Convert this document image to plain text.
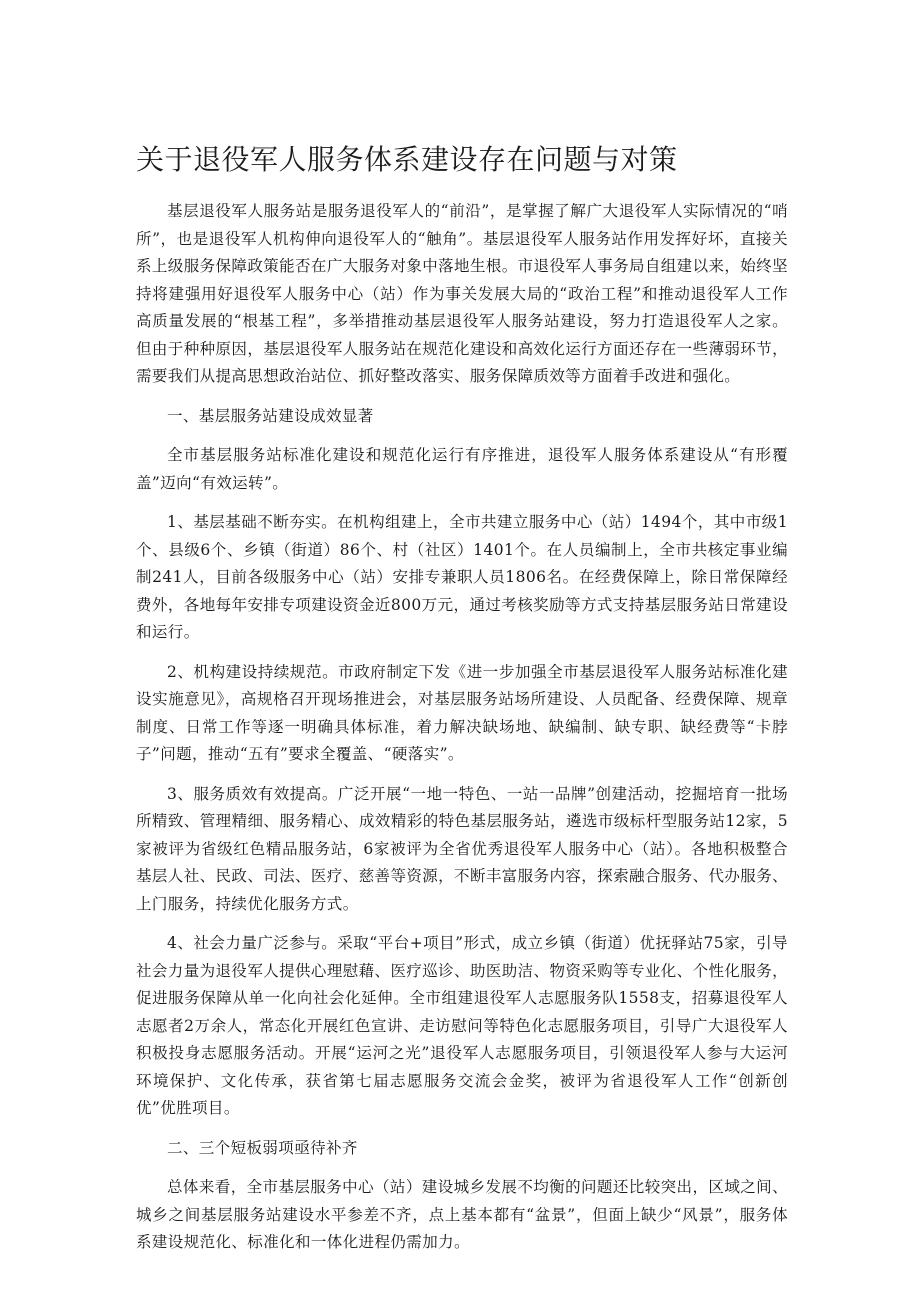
关于退役军人服务体系建设存在问题与对策

基层退役军人服务站是服务退役军人的“前沿”，是掌握了解广大退役军人实际情况的“哨所”，也是退役军人机构伸向退役军人的“触角”。基层退役军人服务站作用发挥好坏，直接关系上级服务保障政策能否在广大服务对象中落地生根。市退役军人事务局自组建以来，始终坚持将建强用好退役军人服务中心（站）作为事关发展大局的“政治工程”和推动退役军人工作高质量发展的“根基工程”，多举措推动基层退役军人服务站建设，努力打造退役军人之家。但由于种种原因，基层退役军人服务站在规范化建设和高效化运行方面还存在一些薄弱环节，需要我们从提高思想政治站位、抓好整改落实、服务保障质效等方面着手改进和强化。

一、基层服务站建设成效显著

全市基层服务站标准化建设和规范化运行有序推进，退役军人服务体系建设从“有形覆盖”迈向“有效运转”。

1、基层基础不断夯实。在机构组建上，全市共建立服务中心（站）1494个，其中市级1个、县级6个、乡镇（街道）86个、村（社区）1401个。在人员编制上，全市共核定事业编制241人，目前各级服务中心（站）安排专兼职人员1806名。在经费保障上，除日常保障经费外，各地每年安排专项建设资金近800万元，通过考核奖励等方式支持基层服务站日常建设和运行。

2、机构建设持续规范。市政府制定下发《进一步加强全市基层退役军人服务站标准化建设实施意见》，高规格召开现场推进会，对基层服务站场所建设、人员配备、经费保障、规章制度、日常工作等逐一明确具体标准，着力解决缺场地、缺编制、缺专职、缺经费等“卡脖子”问题，推动“五有”要求全覆盖、“硬落实”。

3、服务质效有效提高。广泛开展“一地一特色、一站一品牌”创建活动，挖掘培育一批场所精致、管理精细、服务精心、成效精彩的特色基层服务站，遴选市级标杆型服务站12家，5家被评为省级红色精品服务站，6家被评为全省优秀退役军人服务中心（站）。各地积极整合基层人社、民政、司法、医疗、慈善等资源，不断丰富服务内容，探索融合服务、代办服务、上门服务，持续优化服务方式。

4、社会力量广泛参与。采取“平台+项目”形式，成立乡镇（街道）优抚驿站75家，引导社会力量为退役军人提供心理慰藉、医疗巡诊、助医助洁、物资采购等专业化、个性化服务，促进服务保障从单一化向社会化延伸。全市组建退役军人志愿服务队1558支，招募退役军人志愿者2万余人，常态化开展红色宣讲、走访慰问等特色化志愿服务项目，引导广大退役军人积极投身志愿服务活动。开展“运河之光”退役军人志愿服务项目，引领退役军人参与大运河环境保护、文化传承，获省第七届志愿服务交流会金奖，被评为省退役军人工作“创新创优”优胜项目。

二、三个短板弱项亟待补齐

总体来看，全市基层服务中心（站）建设城乡发展不均衡的问题还比较突出，区域之间、城乡之间基层服务站建设水平参差不齐，点上基本都有“盆景”，但面上缺少“风景”，服务体系建设规范化、标准化和一体化进程仍需加力。
